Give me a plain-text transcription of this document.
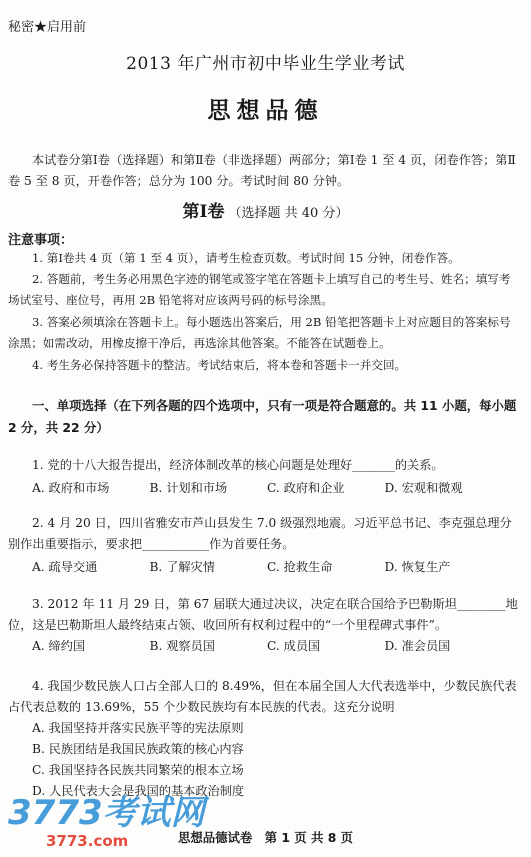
秘密★启用前
2013 年广州市初中毕业生学业考试
思想品德
本试卷分第Ⅰ卷（选择题）和第Ⅱ卷（非选择题）两部分；第Ⅰ卷 1 至 4 页，闭卷作答；第Ⅱ卷 5 至 8 页，开卷作答；总分为 100 分。考试时间 80 分钟。
第Ⅰ卷 （选择题 共 40 分）
注意事项：
1. 第Ⅰ卷共 4 页（第 1 至 4 页），请考生检查页数。考试时间 15 分钟，闭卷作答。
2. 答题前，考生务必用黑色字迹的钢笔或签字笔在答题卡上填写自己的考生号、姓名；填写考场试室号、座位号，再用 2B 铅笔将对应该两号码的标号涂黑。
3. 答案必须填涂在答题卡上。每小题选出答案后，用 2B 铅笔把答题卡上对应题目的答案标号涂黑；如需改动，用橡皮擦干净后，再选涂其他答案。不能答在试题卷上。
4. 考生务必保持答题卡的整洁。考试结束后，将本卷和答题卡一并交回。
一、单项选择（在下列各题的四个选项中，只有一项是符合题意的。共 11 小题，每小题 2 分，共 22 分）
1. 党的十八大报告提出，经济体制改革的核心问题是处理好_______的关系。
A. 政府和市场	B. 计划和市场	C. 政府和企业	D. 宏观和微观
2. 4 月 20 日，四川省雅安市芦山县发生 7.0 级强烈地震。习近平总书记、李克强总理分别作出重要指示，要求把___________作为首要任务。
A. 疏导交通	B. 了解灾情	C. 抢救生命	D. 恢复生产
3. 2012 年 11 月 29 日，第 67 届联大通过决议，决定在联合国给予巴勒斯坦________地位，这是巴勒斯坦人最终结束占领、收回所有权利过程中的“一个里程碑式事件”。
A. 缔约国	B. 观察员国	C. 成员国	D. 准会员国
4. 我国少数民族人口占全部人口的 8.49%，但在本届全国人大代表选举中，少数民族代表占代表总数的 13.69%，55 个少数民族均有本民族的代表。这充分说明
A. 我国坚持并落实民族平等的宪法原则
B. 民族团结是我国民族政策的核心内容
C. 我国坚持各民族共同繁荣的根本立场
D. 人民代表大会是我国的基本政治制度
3773考试网
3773.com	思想品德试卷　第 1 页 共 8 页
